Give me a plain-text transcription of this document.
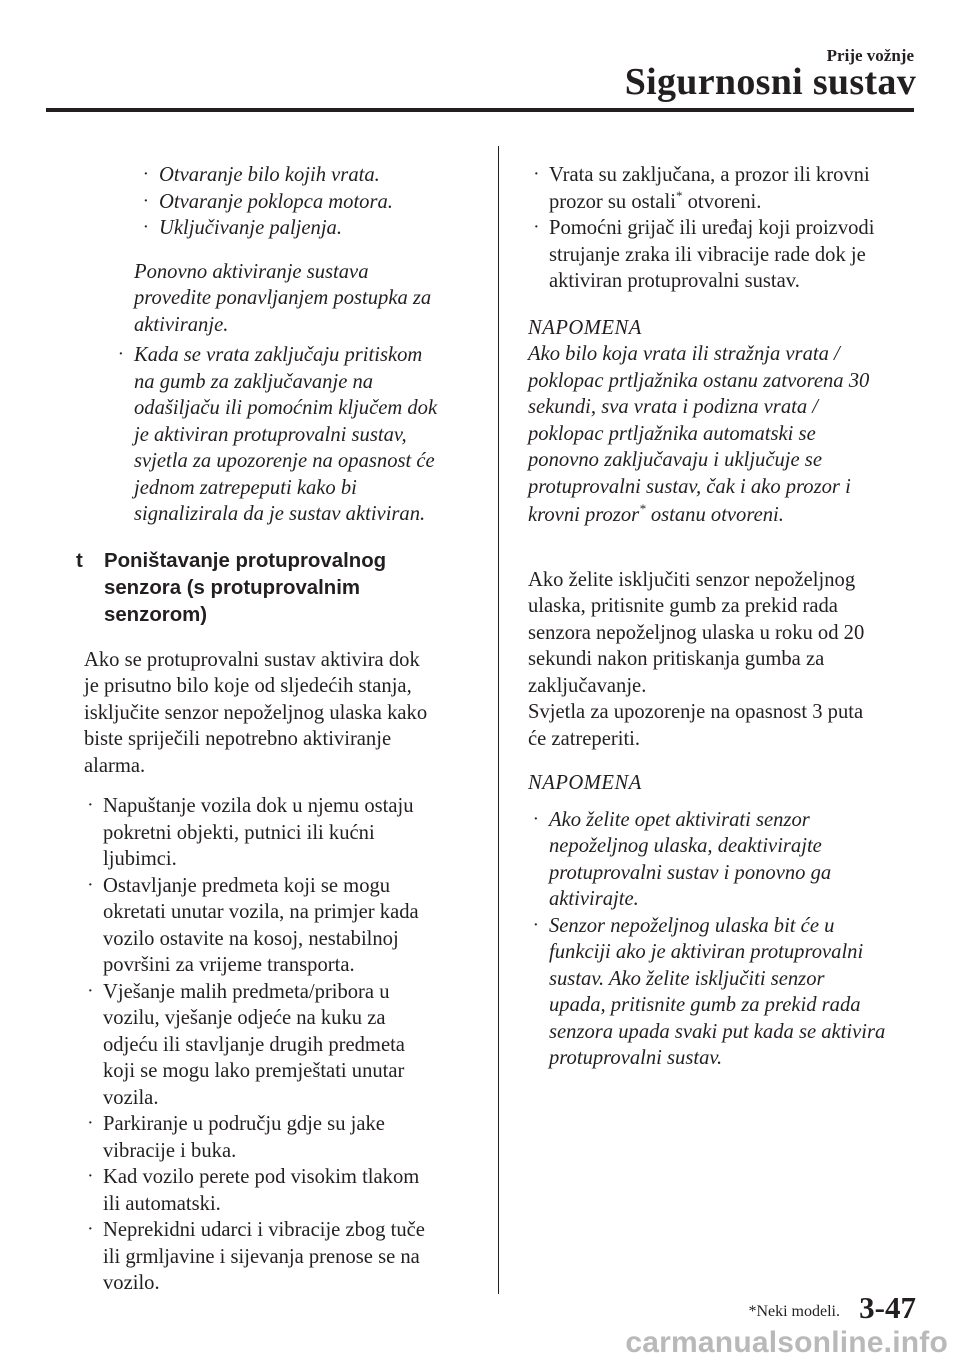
Prije vožnje
Sigurnosni sustav
· Otvaranje bilo kojih vrata.
· Otvaranje poklopca motora.
· Uključivanje paljenja.
Ponovno aktiviranje sustava
provedite ponavljanjem postupka za
aktiviranje.
· Kada se vrata zaključaju pritiskom
na gumb za zaključavanje na
odašiljaču ili pomoćnim ključem dok
je aktiviran protuprovalni sustav,
svjetla za upozorenje na opasnost će
jednom zatrepериti kako bi
signalizirala da je sustav aktiviran.
t Poništavanje protuprovalnog
senzora (s protuprovalnim
senzorom)
Ako se protuprovalni sustav aktivira dok
je prisutno bilo koje od sljedećih stanja,
isključite senzor nepoželjnog ulaska kako
biste spriječili nepotrebno aktiviranje
alarma.
· Napuštanje vozila dok u njemu ostaju
pokretni objekti, putnici ili kućni
ljubimci.
· Ostavljanje predmeta koji se mogu
okretati unutar vozila, na primjer kada
vozilo ostavite na kosoj, nestabilnoj
površini za vrijeme transporta.
· Vješanje malih predmeta/pribora u
vozilu, vješanje odjeće na kuku za
odjeću ili stavljanje drugih predmeta
koji se mogu lako premještati unutar
vozila.
· Parkiranje u području gdje su jake
vibracije i buka.
· Kad vozilo perete pod visokim tlakom
ili automatski.
· Neprekidni udarci i vibracije zbog tuče
ili grmljavine i sijevanja prenose se na
vozilo.
· Vrata su zaključana, a prozor ili krovni
prozor su ostali* otvoreni.
· Pomoćni grijač ili uređaj koji proizvodi
strujanje zraka ili vibracije rade dok je
aktiviran protuprovalni sustav.
NAPOMENA
Ako bilo koja vrata ili stražnja vrata /
poklopac prtljažnika ostanu zatvorena 30
sekundi, sva vrata i podizna vrata /
poklopac prtljažnika automatski se
ponovno zaključavaju i uključuje se
protuprovalni sustav, čak i ako prozor i
krovni prozor* ostanu otvoreni.
Ako želite isključiti senzor nepoželjnog
ulaska, pritisnite gumb za prekid rada
senzora nepoželjnog ulaska u roku od 20
sekundi nakon pritiskanja gumba za
zaključavanje.
Svjetla za upozorenje na opasnost 3 puta
će zatreperiti.
NAPOMENA
· Ako želite opet aktivirati senzor
nepoželjnog ulaska, deaktivirajte
protuprovalni sustav i ponovno ga
aktivirajte.
· Senzor nepoželjnog ulaska bit će u
funkciji ako je aktiviran protuprovalni
sustav. Ako želite isključiti senzor
upada, pritisnite gumb za prekid rada
senzora upada svaki put kada se aktivira
protuprovalni sustav.
*Neki modeli. 3-47
carmanualsonline.info
